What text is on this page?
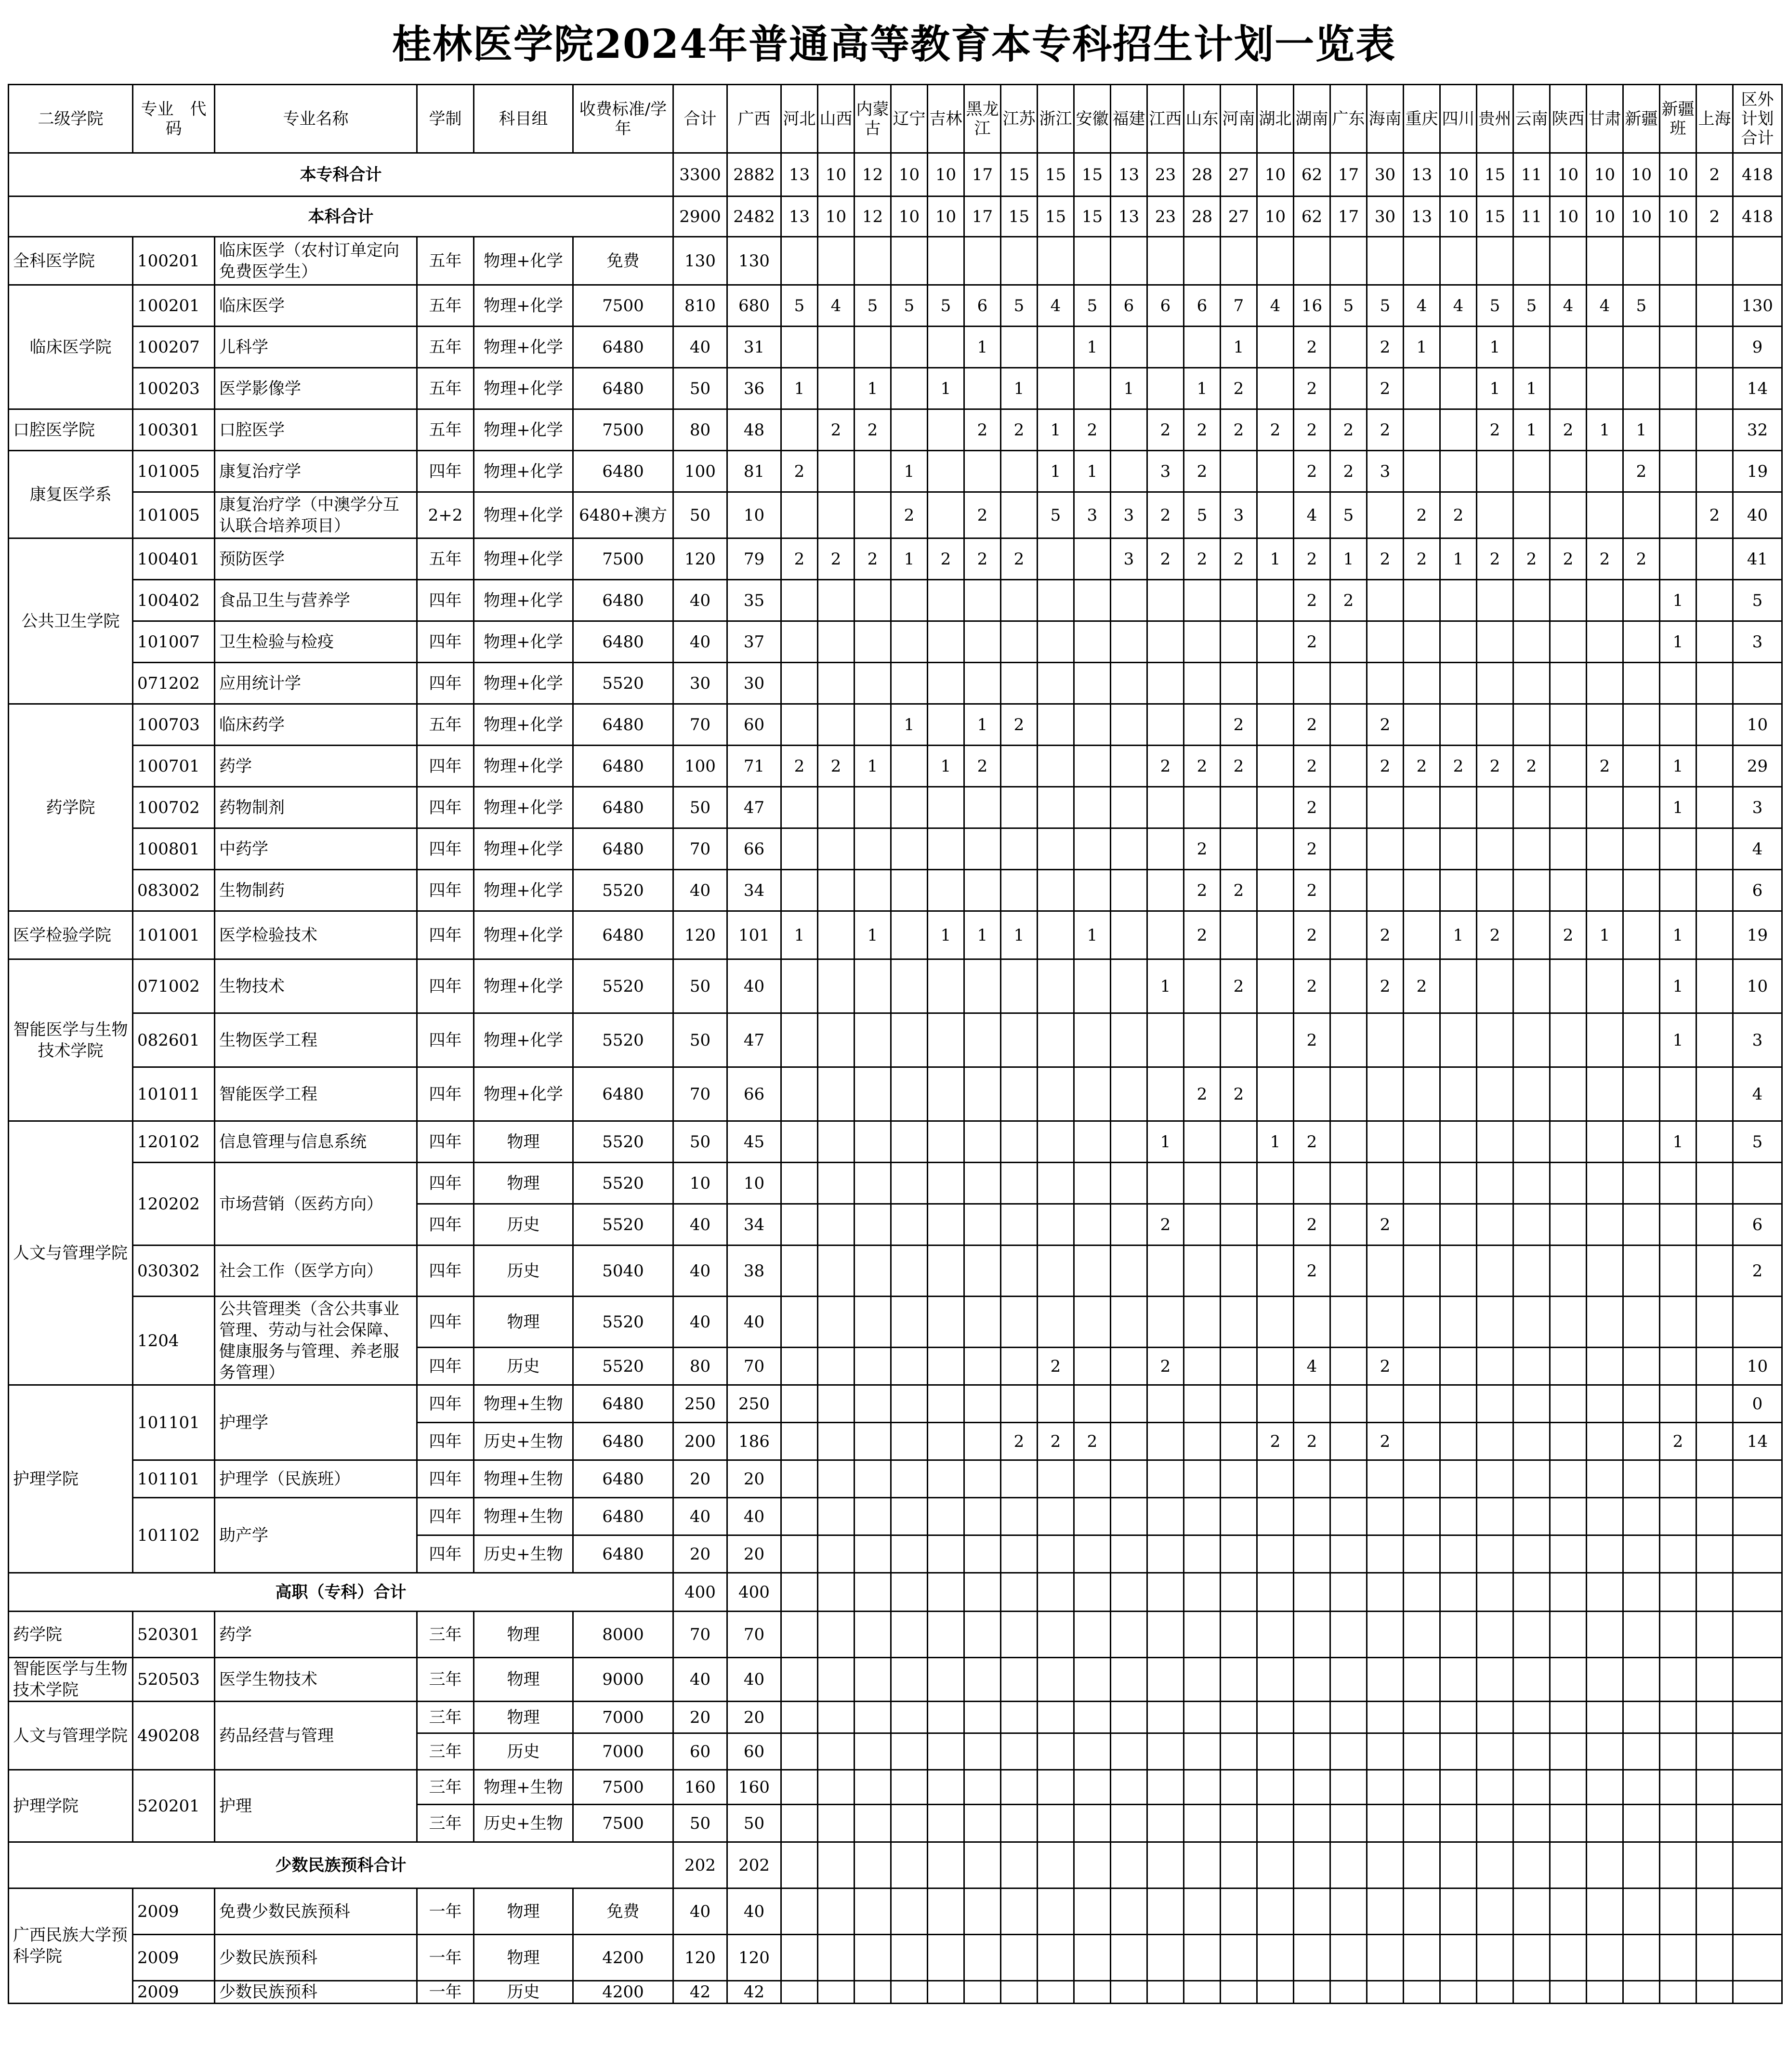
桂林医学院2024年普通高等教育本专科招生计划一览表
二级学院	专业　代码	专业名称	学制	科目组	收费标准/学年	合计	广西	河北	山西	内蒙古	辽宁	吉林	黑龙江	江苏	浙江	安徽	福建	江西	山东	河南	湖北	湖南	广东	海南	重庆	四川	贵州	云南	陕西	甘肃	新疆	新疆班	上海	区外计划合计
本专科合计						3300	2882	13	10	12	10	10	17	15	15	15	13	23	28	27	10	62	17	30	13	10	15	11	10	10	10	10	2	418
本科合计						2900	2482	13	10	12	10	10	17	15	15	15	13	23	28	27	10	62	17	30	13	10	15	11	10	10	10	10	2	418
全科医学院	100201	临床医学（农村订单定向免费医学生）	五年	物理+化学	免费	130	130																											
临床医学院	100201	临床医学	五年	物理+化学	7500	810	680	5	4	5	5	5	6	5	4	5	6	6	6	7	4	16	5	5	4	4	5	5	4	4	5			130
	100207	儿科学	五年	物理+化学	6480	40	31						1			1				1		2		2	1		1							9
	100203	医学影像学	五年	物理+化学	6480	50	36	1		1		1		1			1		1	2		2		2			1	1						14
口腔医学院	100301	口腔医学	五年	物理+化学	7500	80	48		2	2			2	2	1	2		2	2	2	2	2	2	2			2	1	2	1	1			32
康复医学系	101005	康复治疗学	四年	物理+化学	6480	100	81	2			1				1	1		3	2			2	2	3							2			19
	101005	康复治疗学（中澳学分互认联合培养项目）	2+2	物理+化学	6480+澳方	50	10				2		2		5	3	3	2	5	3		4	5		2	2							2	40
公共卫生学院	100401	预防医学	五年	物理+化学	7500	120	79	2	2	2	1	2	2	2			3	2	2	2	1	2	1	2	2	1	2	2	2	2	2			41
	100402	食品卫生与营养学	四年	物理+化学	6480	40	35															2	2									1		5
	101007	卫生检验与检疫	四年	物理+化学	6480	40	37															2										1		3
	071202	应用统计学	四年	物理+化学	5520	30	30																											
药学院	100703	临床药学	五年	物理+化学	6480	70	60				1		1	2						2		2		2										10
	100701	药学	四年	物理+化学	6480	100	71	2	2	1		1	2					2	2	2		2		2	2	2	2	2		2		1		29
	100702	药物制剂	四年	物理+化学	6480	50	47															2										1		3
	100801	中药学	四年	物理+化学	6480	70	66												2			2												4
	083002	生物制药	四年	物理+化学	5520	40	34												2	2		2												6
医学检验学院	101001	医学检验技术	四年	物理+化学	6480	120	101	1		1		1	1	1		1			2			2		2		1	2		2	1		1		19
智能医学与生物技术学院	071002	生物技术	四年	物理+化学	5520	50	40											1		2		2		2	2							1		10
	082601	生物医学工程	四年	物理+化学	5520	50	47															2										1		3
	101011	智能医学工程	四年	物理+化学	6480	70	66												2	2														4
人文与管理学院	120102	信息管理与信息系统	四年	物理	5520	50	45											1			1	2										1		5
	120202	市场营销（医药方向）	四年	物理	5520	10	10																											
			四年	历史	5520	40	34											2				2		2										6
	030302	社会工作（医学方向）	四年	历史	5040	40	38															2												2
	1204	公共管理类（含公共事业管理、劳动与社会保障、健康服务与管理、养老服务管理）	四年	物理	5520	40	40																											
			四年	历史	5520	80	70								2			2				4		2										10
护理学院	101101	护理学	四年	物理+生物	6480	250	250																											0
			四年	历史+生物	6480	200	186							2	2	2					2	2		2								2		14
	101101	护理学（民族班）	四年	物理+生物	6480	20	20																											
	101102	助产学	四年	物理+生物	6480	40	40																											
			四年	历史+生物	6480	20	20																											
高职（专科）合计						400	400																											
药学院	520301	药学	三年	物理	8000	70	70																											
智能医学与生物技术学院	520503	医学生物技术	三年	物理	9000	40	40																											
人文与管理学院	490208	药品经营与管理	三年	物理	7000	20	20																											
			三年	历史	7000	60	60																											
护理学院	520201	护理	三年	物理+生物	7500	160	160																											
			三年	历史+生物	7500	50	50																											
少数民族预科合计						202	202																											
广西民族大学预科学院	2009	免费少数民族预科	一年	物理	免费	40	40																											
	2009	少数民族预科	一年	物理	4200	120	120																											
	2009	少数民族预科	一年	历史	4200	42	42																											
